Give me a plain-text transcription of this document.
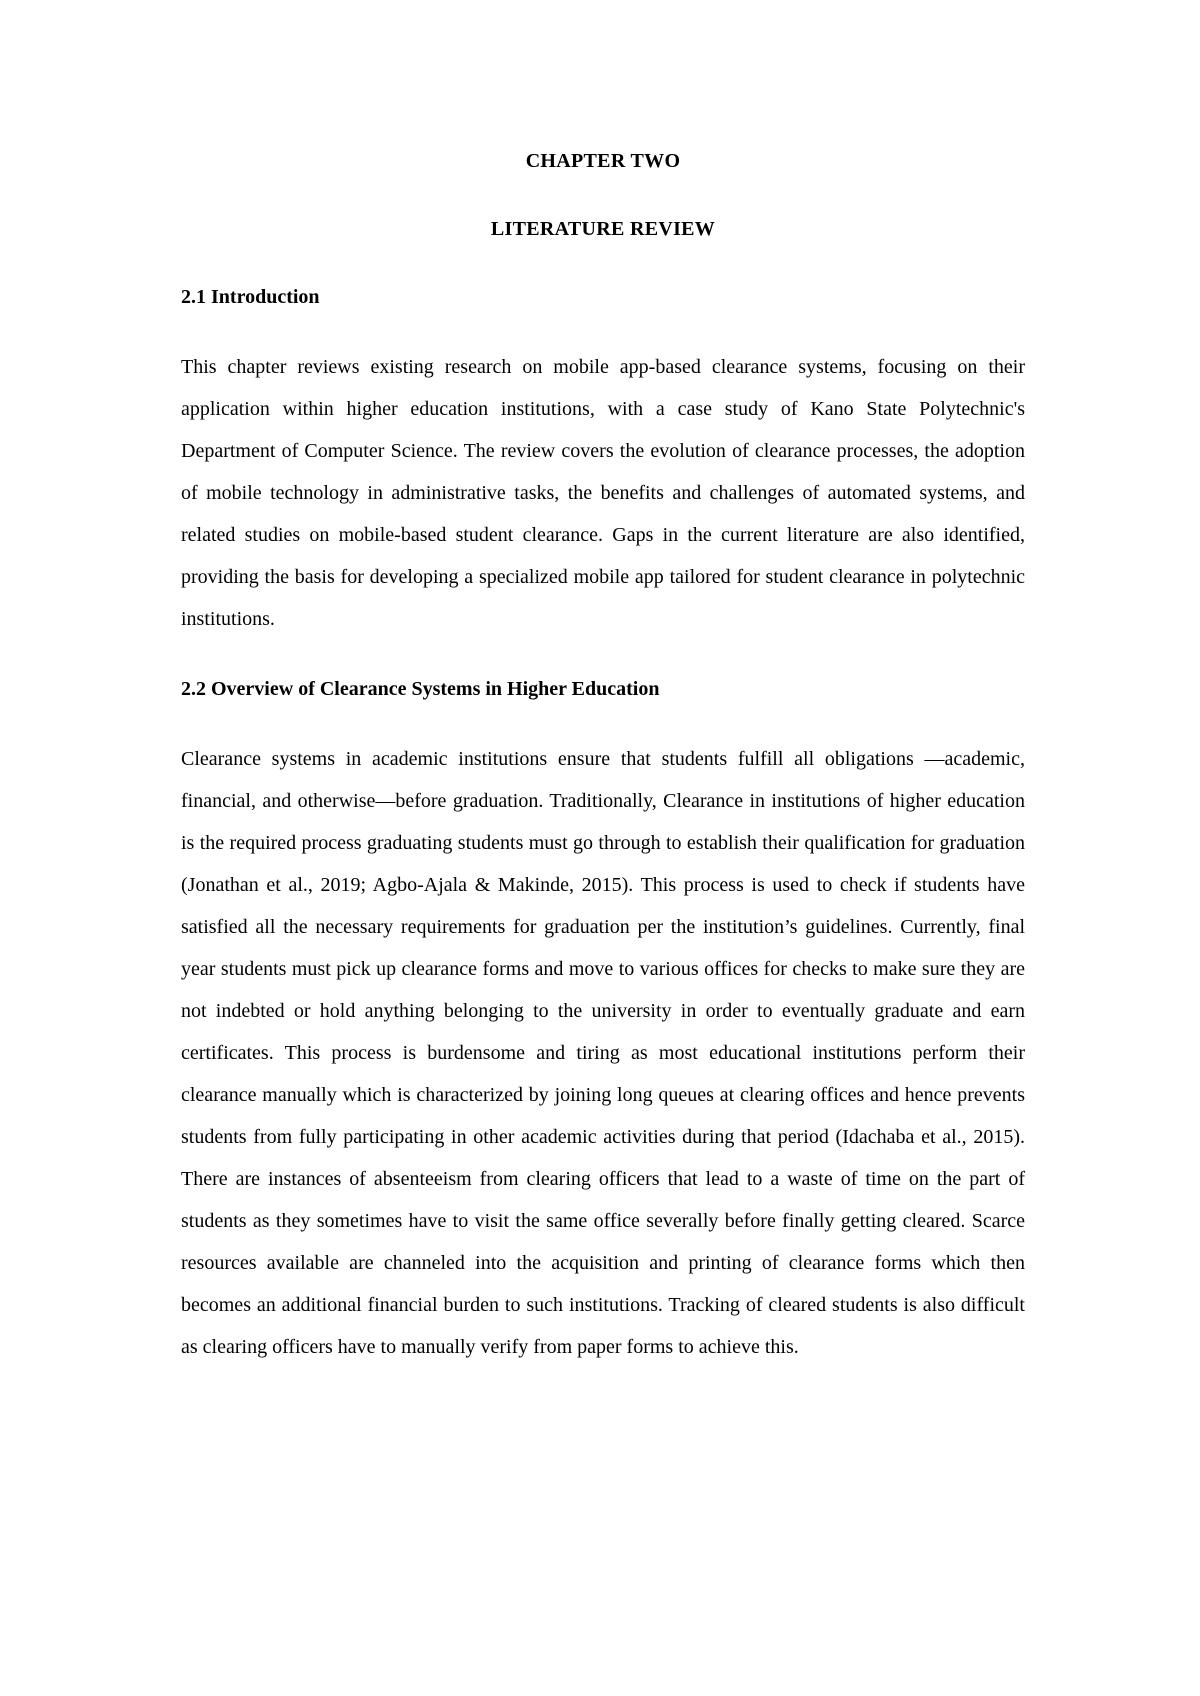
CHAPTER TWO
LITERATURE REVIEW
2.1 Introduction

This chapter reviews existing research on mobile app-based clearance systems, focusing on their application within higher education institutions, with a case study of Kano State Polytechnic's Department of Computer Science. The review covers the evolution of clearance processes, the adoption of mobile technology in administrative tasks, the benefits and challenges of automated systems, and related studies on mobile-based student clearance. Gaps in the current literature are also identified, providing the basis for developing a specialized mobile app tailored for student clearance in polytechnic institutions.

2.2 Overview of Clearance Systems in Higher Education

Clearance systems in academic institutions ensure that students fulfill all obligations —academic, financial, and otherwise—before graduation. Traditionally, Clearance in institutions of higher education is the required process graduating students must go through to establish their qualification for graduation (Jonathan et al., 2019; Agbo-Ajala & Makinde, 2015). This process is used to check if students have satisfied all the necessary requirements for graduation per the institution’s guidelines. Currently, final year students must pick up clearance forms and move to various offices for checks to make sure they are not indebted or hold anything belonging to the university in order to eventually graduate and earn certificates. This process is burdensome and tiring as most educational institutions perform their clearance manually which is characterized by joining long queues at clearing offices and hence prevents students from fully participating in other academic activities during that period (Idachaba et al., 2015). There are instances of absenteeism from clearing officers that lead to a waste of time on the part of students as they sometimes have to visit the same office severally before finally getting cleared. Scarce resources available are channeled into the acquisition and printing of clearance forms which then becomes an additional financial burden to such institutions. Tracking of cleared students is also difficult as clearing officers have to manually verify from paper forms to achieve this.
